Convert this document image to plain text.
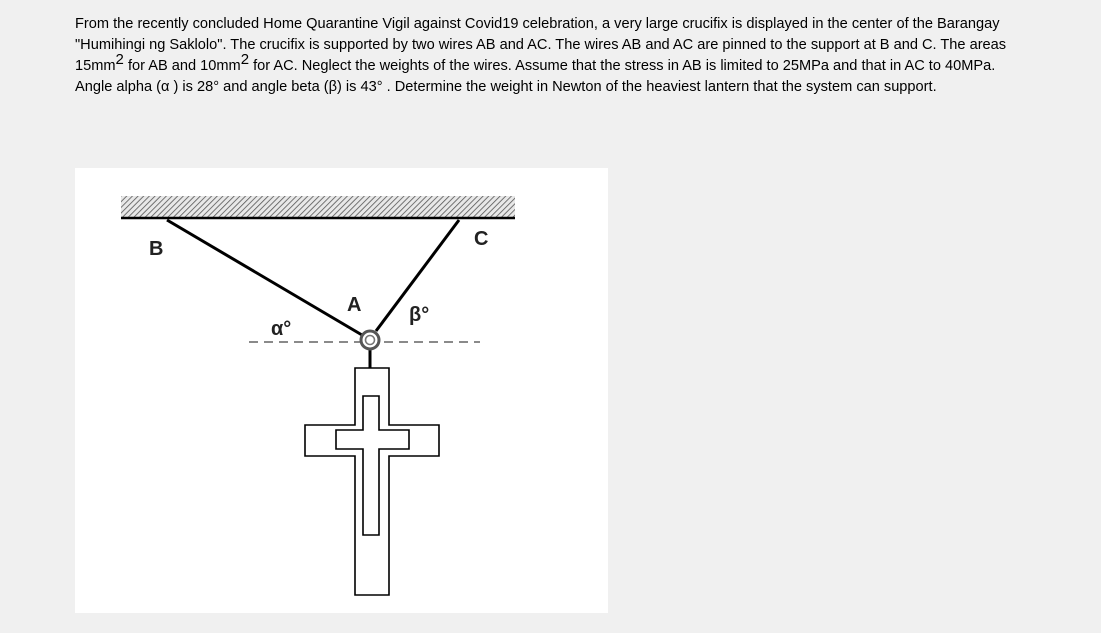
From the recently concluded Home Quarantine Vigil against Covid19 celebration, a very large crucifix is displayed in the center of the Barangay
"Humihingi ng Saklolo". The crucifix is supported by two wires AB and AC. The wires AB and AC are pinned to the support at B and C. The areas
$15mm^2$ for AB and $10mm^2$ for AC. Neglect the weights of the wires. Assume that the stress in AB is limited to 25MPa and that in AC to 40MPa.
Angle alpha (α ) is 28° and angle beta (β) is 43° . Determine the weight in Newton of the heaviest lantern that the system can support.
B	C
A
α°
β°
